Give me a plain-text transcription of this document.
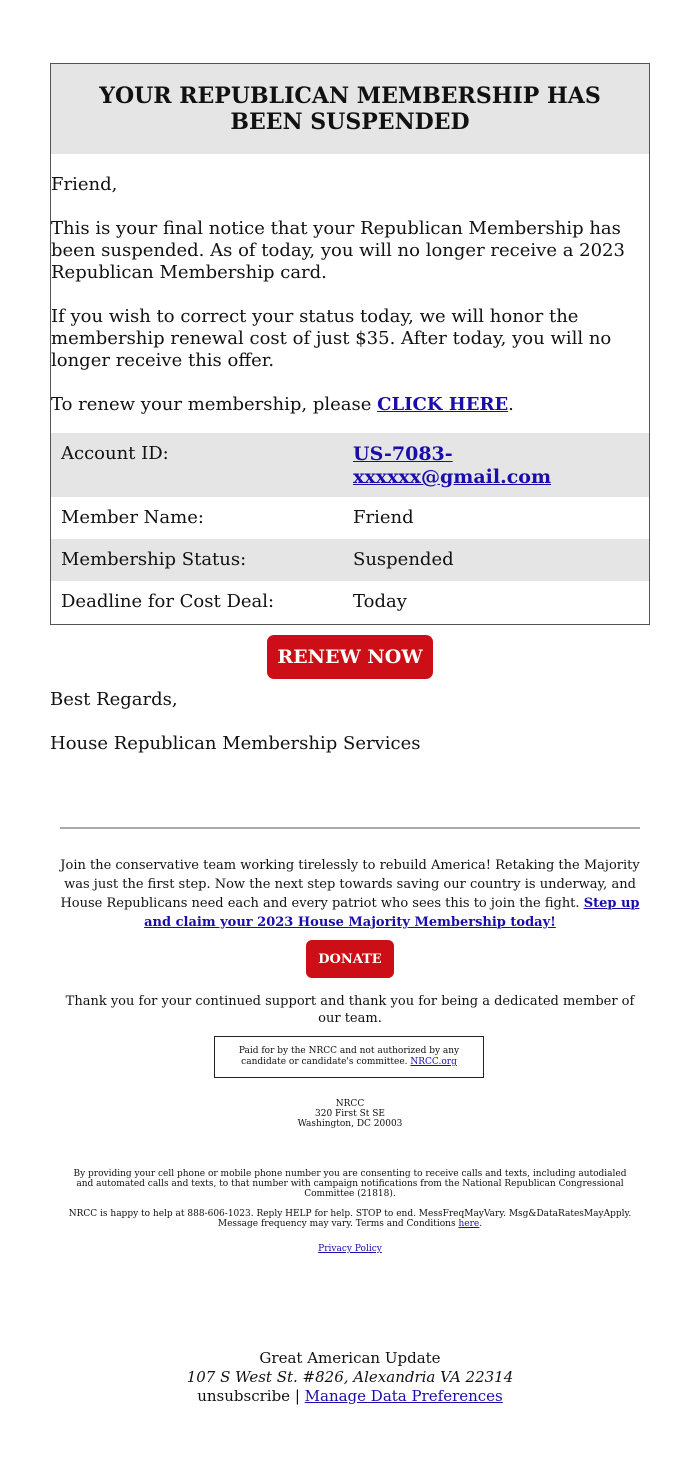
YOUR REPUBLICAN MEMBERSHIP HAS BEEN SUSPENDED

Friend,

This is your final notice that your Republican Membership has been suspended. As of today, you will no longer receive a 2023 Republican Membership card.

If you wish to correct your status today, we will honor the membership renewal cost of just $35. After today, you will no longer receive this offer.

To renew your membership, please CLICK HERE.

Account ID:	US-7083-xxxxxx@gmail.com
Member Name:	Friend
Membership Status:	Suspended
Deadline for Cost Deal:	Today
RENEW NOW
Best Regards,
House Republican Membership Services
Join the conservative team working tirelessly to rebuild America! Retaking the Majority was just the first step. Now the next step towards saving our country is underway, and House Republicans need each and every patriot who sees this to join the fight. Step up and claim your 2023 House Majority Membership today!
DONATE
Thank you for your continued support and thank you for being a dedicated member of our team.
Paid for by the NRCC and not authorized by any candidate or candidate's committee. NRCC.org
NRCC
320 First St SE
Washington, DC 20003
By providing your cell phone or mobile phone number you are consenting to receive calls and texts, including autodialed and automated calls and texts, to that number with campaign notifications from the National Republican Congressional Committee (21818).
NRCC is happy to help at 888-606-1023. Reply HELP for help. STOP to end. MessFreqMayVary. Msg&DataRatesMayApply. Message frequency may vary. Terms and Conditions here.
Privacy Policy
Great American Update
107 S West St. #826, Alexandria VA 22314
unsubscribe | Manage Data Preferences
